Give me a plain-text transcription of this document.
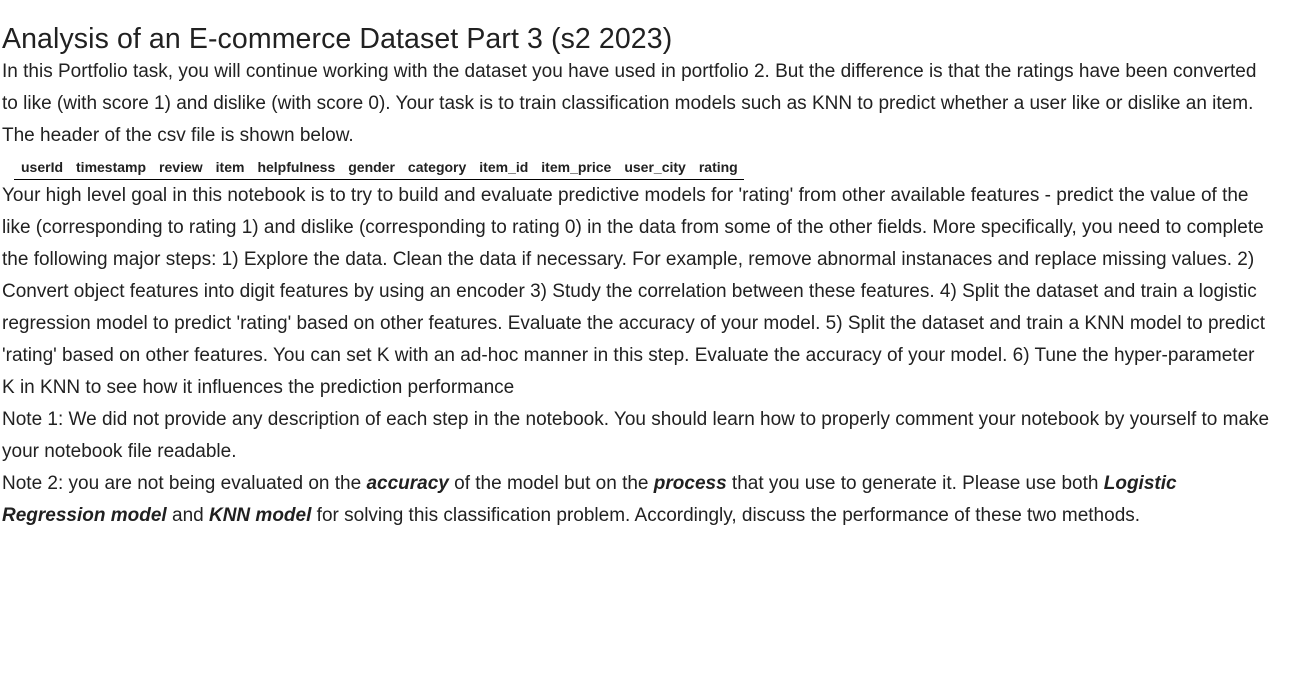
Analysis of an E-commerce Dataset Part 3 (s2 2023)

In this Portfolio task, you will continue working with the dataset you have used in portfolio 2. But the difference is that the ratings have been converted to like (with score 1) and dislike (with score 0). Your task is to train classification models such as KNN to predict whether a user like or dislike an item.

The header of the csv file is shown below.

userId	timestamp	review	item	helpfulness	gender	category	item_id	item_price	user_city	rating

Your high level goal in this notebook is to try to build and evaluate predictive models for 'rating' from other available features - predict the value of the like (corresponding to rating 1) and dislike (corresponding to rating 0) in the data from some of the other fields. More specifically, you need to complete the following major steps: 1) Explore the data. Clean the data if necessary. For example, remove abnormal instanaces and replace missing values. 2) Convert object features into digit features by using an encoder 3) Study the correlation between these features. 4) Split the dataset and train a logistic regression model to predict 'rating' based on other features. Evaluate the accuracy of your model. 5) Split the dataset and train a KNN model to predict 'rating' based on other features. You can set K with an ad-hoc manner in this step. Evaluate the accuracy of your model. 6) Tune the hyper-parameter K in KNN to see how it influences the prediction performance

Note 1: We did not provide any description of each step in the notebook. You should learn how to properly comment your notebook by yourself to make your notebook file readable.

Note 2: you are not being evaluated on the accuracy of the model but on the process that you use to generate it. Please use both Logistic Regression model and KNN model for solving this classification problem. Accordingly, discuss the performance of these two methods.
